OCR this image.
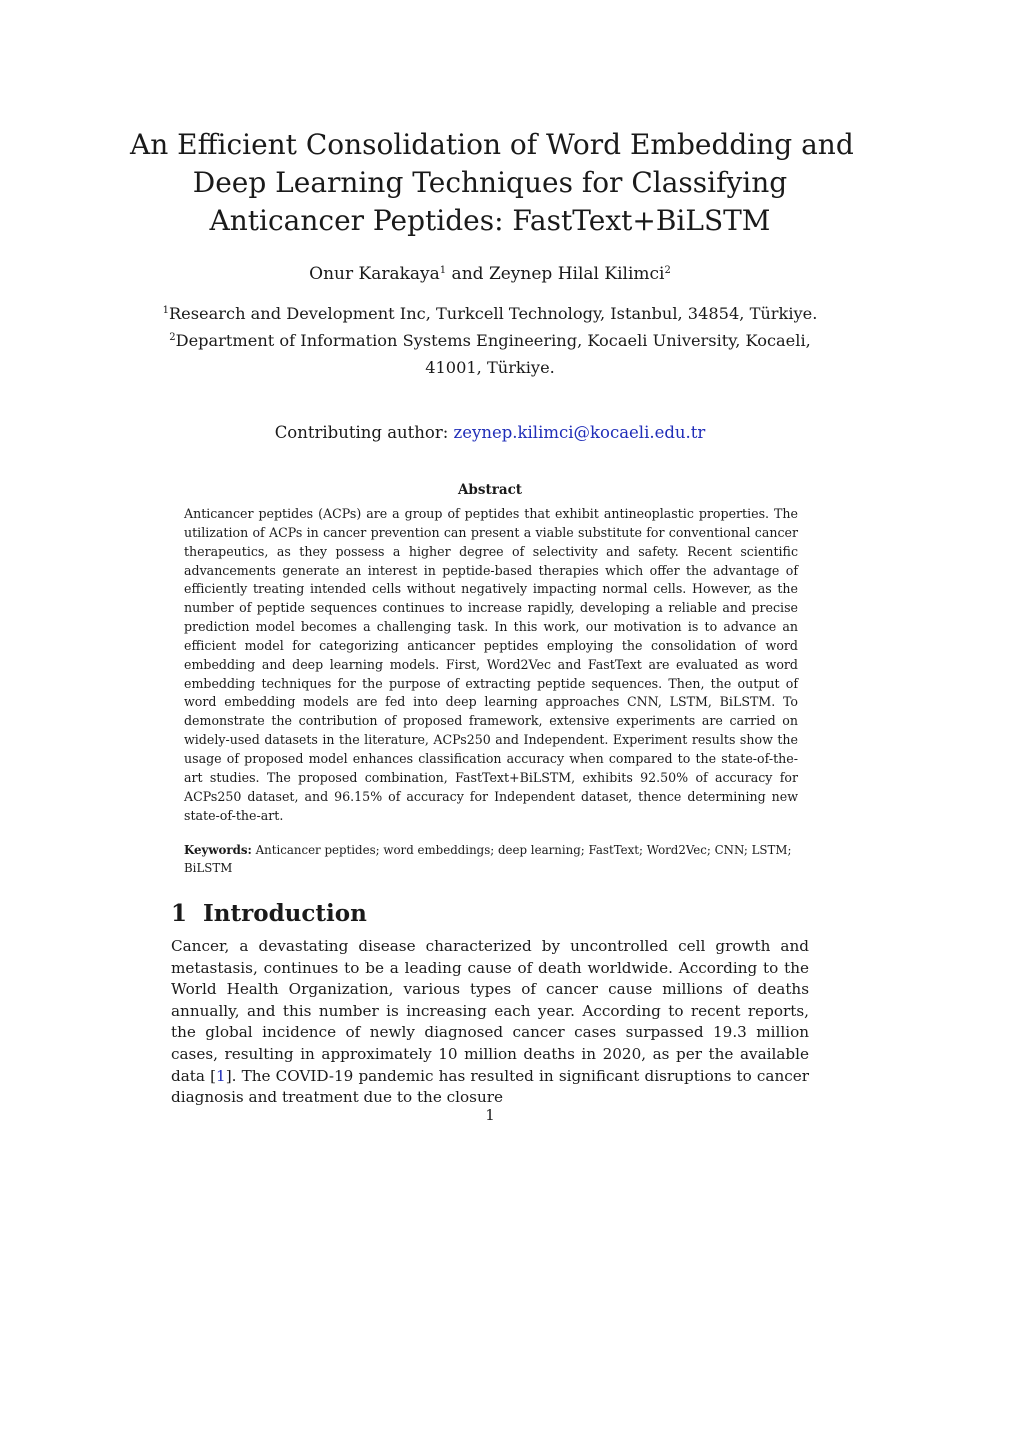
An Efficient Consolidation of Word Embedding and
Deep Learning Techniques for Classifying
Anticancer Peptides: FastText+BiLSTM
Onur Karakaya$^1$ and Zeynep Hilal Kilimci$^2$
$^1$Research and Development Inc, Turkcell Technology, Istanbul, 34854, Türkiye.
$^2$Department of Information Systems Engineering, Kocaeli University, Kocaeli,
41001, Türkiye.
Contributing author: zeynep.kilimci@kocaeli.edu.tr
Abstract

Anticancer peptides (ACPs) are a group of peptides that exhibit antineoplastic properties. The utilization of ACPs in cancer prevention can present a viable substitute for conventional cancer therapeutics, as they possess a higher degree of selectivity and safety. Recent scientific advancements generate an interest in peptide-based therapies which offer the advantage of efficiently treating intended cells without negatively impacting normal cells. However, as the number of peptide sequences continues to increase rapidly, developing a reliable and precise prediction model becomes a challenging task. In this work, our motivation is to advance an efficient model for categorizing anticancer peptides employing the consolidation of word embedding and deep learning models. First, Word2Vec and FastText are evaluated as word embedding techniques for the purpose of extracting peptide sequences. Then, the output of word embedding models are fed into deep learning approaches CNN, LSTM, BiLSTM. To demonstrate the contribution of proposed framework, extensive experiments are carried on widely-used datasets in the literature, ACPs250 and Independent. Experiment results show the usage of proposed model enhances classification accuracy when compared to the state-of-the-art studies. The proposed combination, FastText+BiLSTM, exhibits 92.50% of accuracy for ACPs250 dataset, and 96.15% of accuracy for Independent dataset, thence determining new state-of-the-art.

Keywords: Anticancer peptides; word embeddings; deep learning; FastText; Word2Vec; CNN; LSTM; BiLSTM
1 Introduction

Cancer, a devastating disease characterized by uncontrolled cell growth and metastasis, continues to be a leading cause of death worldwide. According to the World Health Organization, various types of cancer cause millions of deaths annually, and this number is increasing each year. According to recent reports, the global incidence of newly diagnosed cancer cases surpassed 19.3 million cases, resulting in approximately 10 million deaths in 2020, as per the available data [1]. The COVID-19 pandemic has resulted in significant disruptions to cancer diagnosis and treatment due to the closure

1
